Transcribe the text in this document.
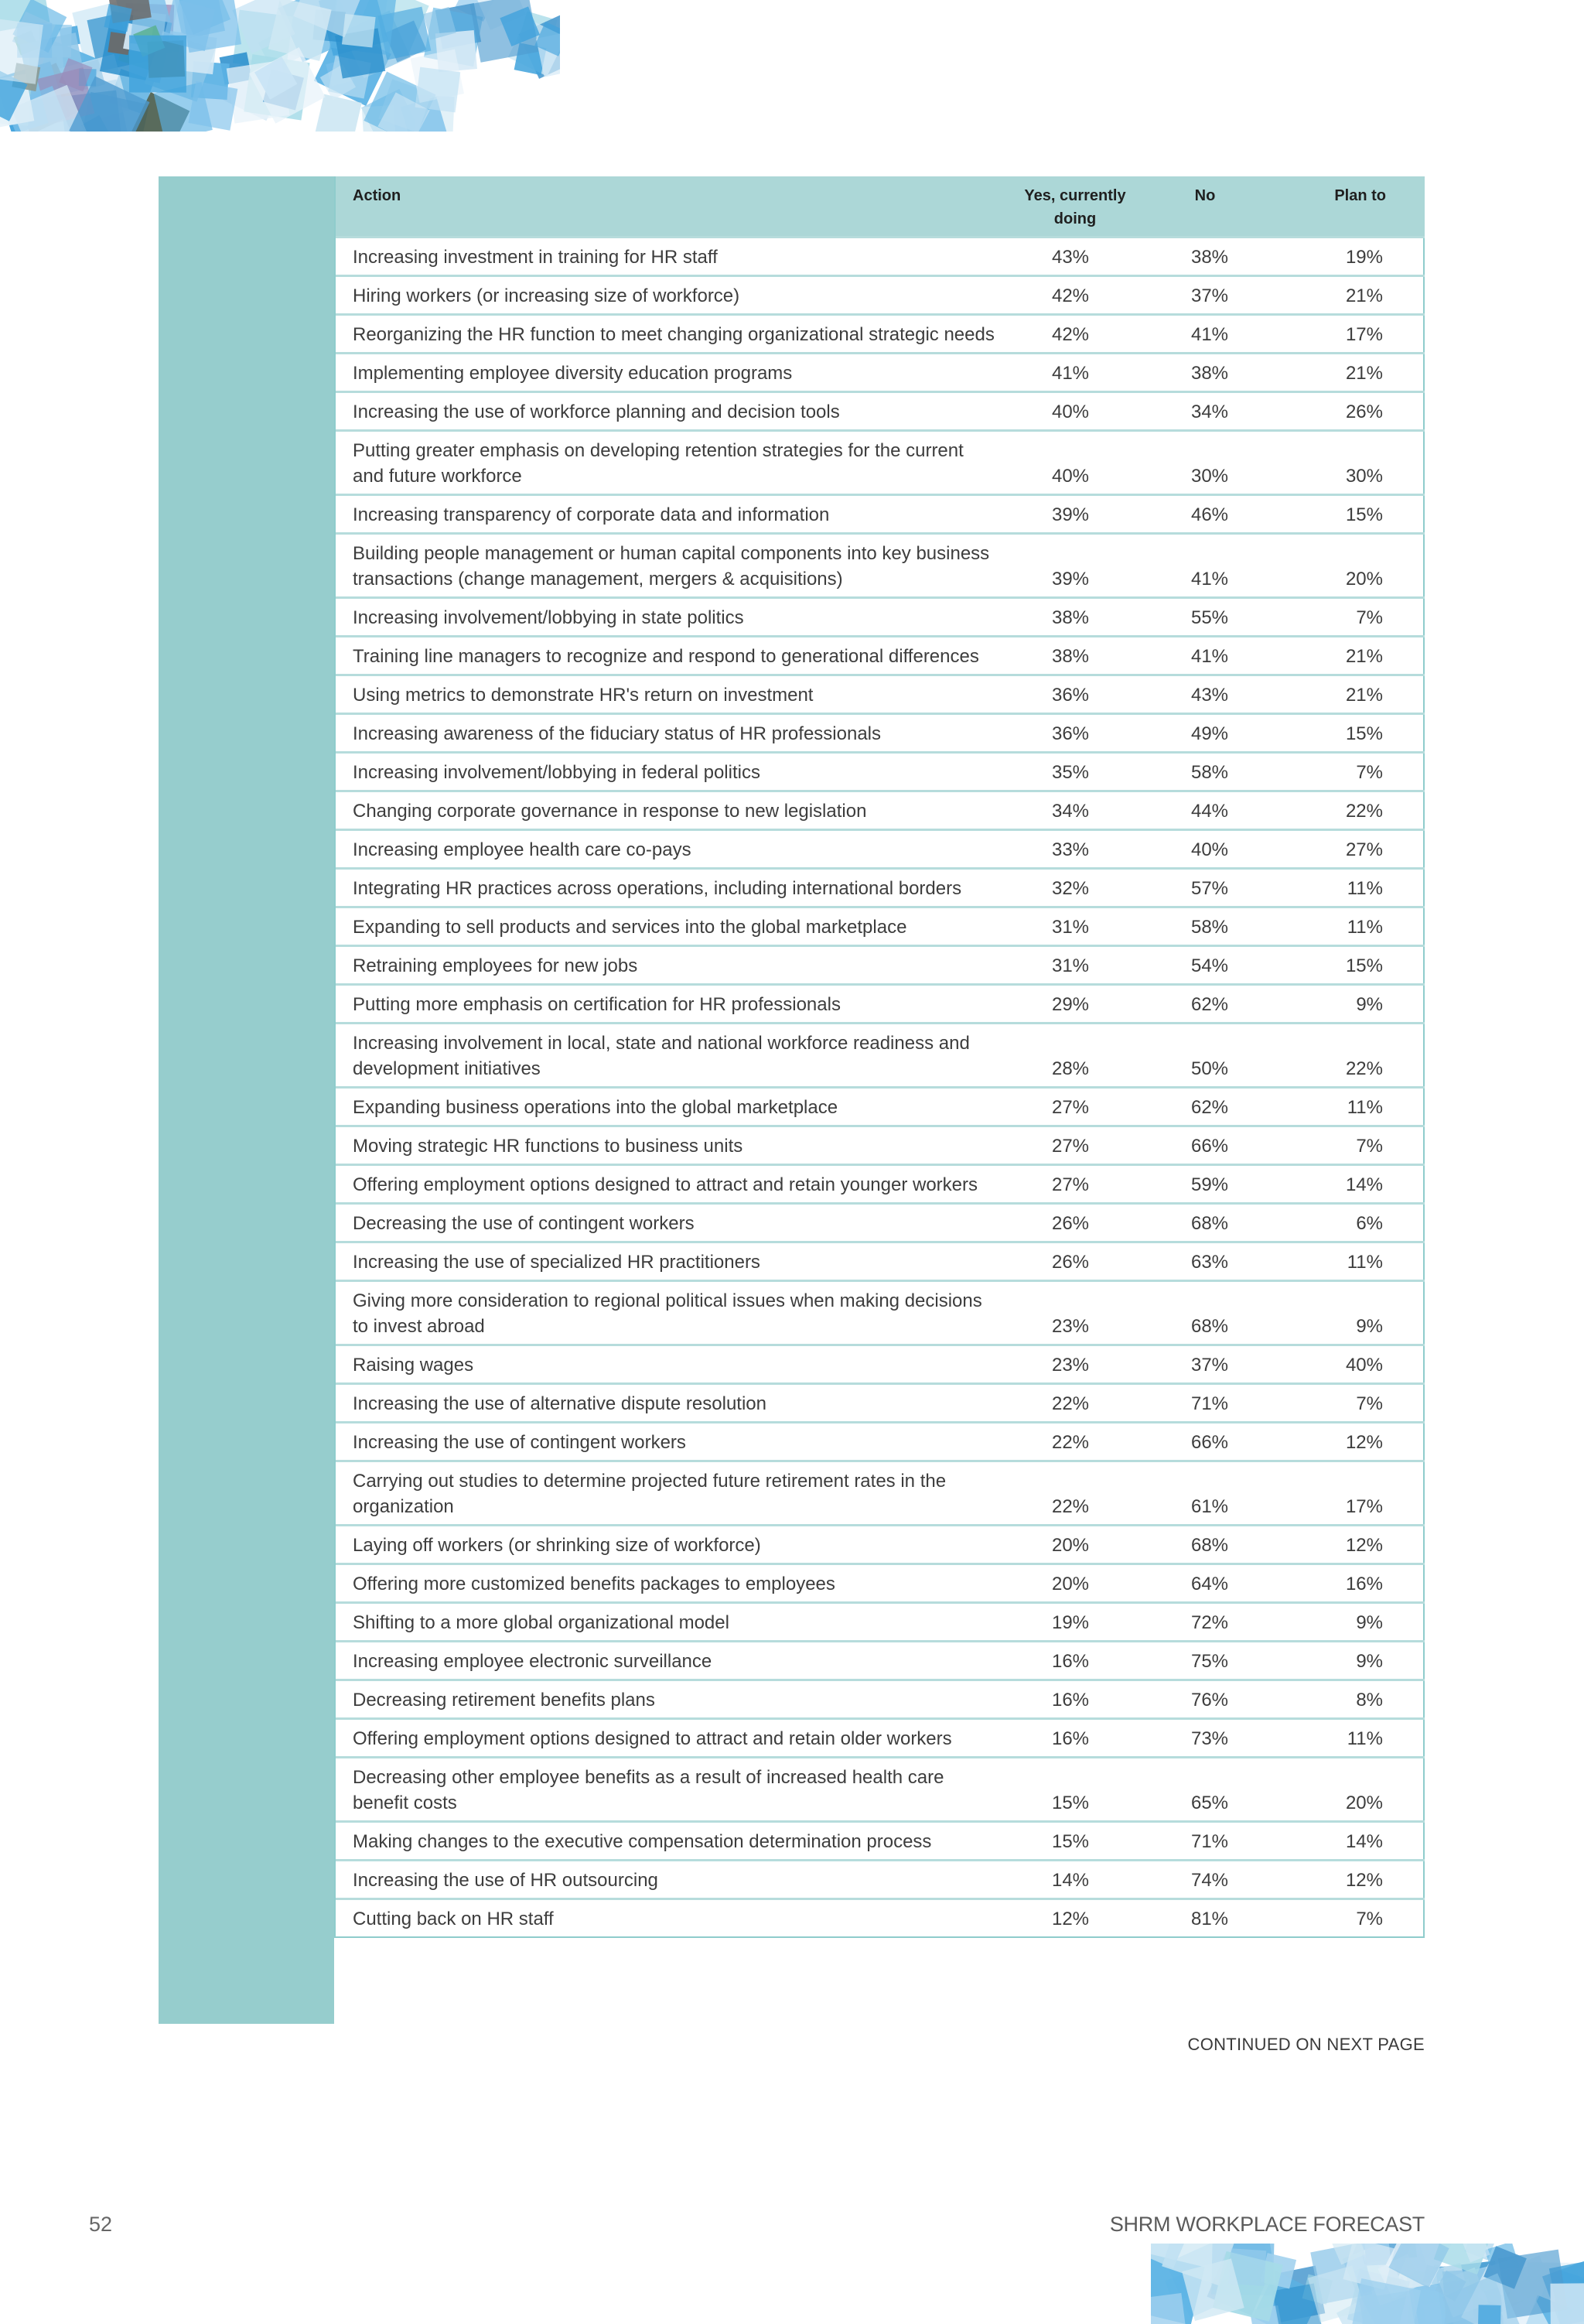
Action	Yes, currently doing	No	Plan to
Increasing investment in training for HR staff	43%	38%	19%
Hiring workers (or increasing size of workforce)	42%	37%	21%
Reorganizing the HR function to meet changing organizational strategic needs	42%	41%	17%
Implementing employee diversity education programs	41%	38%	21%
Increasing the use of workforce planning and decision tools	40%	34%	26%
Putting greater emphasis on developing retention strategies for the current and future workforce	40%	30%	30%
Increasing transparency of corporate data and information	39%	46%	15%
Building people management or human capital components into key business transactions (change management, mergers & acquisitions)	39%	41%	20%
Increasing involvement/lobbying in state politics	38%	55%	7%
Training line managers to recognize and respond to generational differences	38%	41%	21%
Using metrics to demonstrate HR's return on investment	36%	43%	21%
Increasing awareness of the fiduciary status of HR professionals	36%	49%	15%
Increasing involvement/lobbying in federal politics	35%	58%	7%
Changing corporate governance in response to new legislation	34%	44%	22%
Increasing employee health care co-pays	33%	40%	27%
Integrating HR practices across operations, including international borders	32%	57%	11%
Expanding to sell products and services into the global marketplace	31%	58%	11%
Retraining employees for new jobs	31%	54%	15%
Putting more emphasis on certification for HR professionals	29%	62%	9%
Increasing involvement in local, state and national workforce readiness and development initiatives	28%	50%	22%
Expanding business operations into the global marketplace	27%	62%	11%
Moving strategic HR functions to business units	27%	66%	7%
Offering employment options designed to attract and retain younger workers	27%	59%	14%
Decreasing the use of contingent workers	26%	68%	6%
Increasing the use of specialized HR practitioners	26%	63%	11%
Giving more consideration to regional political issues when making decisions to invest abroad	23%	68%	9%
Raising wages	23%	37%	40%
Increasing the use of alternative dispute resolution	22%	71%	7%
Increasing the use of contingent workers	22%	66%	12%
Carrying out studies to determine projected future retirement rates in the organization	22%	61%	17%
Laying off workers (or shrinking size of workforce)	20%	68%	12%
Offering more customized benefits packages to employees	20%	64%	16%
Shifting to a more global organizational model	19%	72%	9%
Increasing employee electronic surveillance	16%	75%	9%
Decreasing retirement benefits plans	16%	76%	8%
Offering employment options designed to attract and retain older workers	16%	73%	11%
Decreasing other employee benefits as a result of increased health care benefit costs	15%	65%	20%
Making changes to the executive compensation determination process	15%	71%	14%
Increasing the use of HR outsourcing	14%	74%	12%
Cutting back on HR staff	12%	81%	7%
CONTINUED ON NEXT PAGE
52	SHRM WORKPLACE FORECAST
